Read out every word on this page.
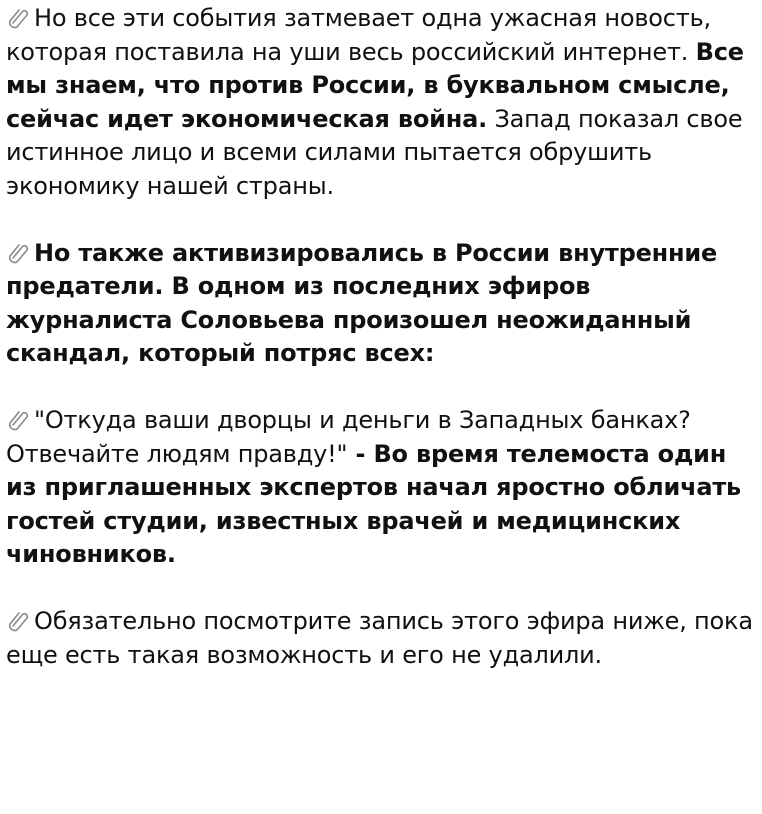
Но все эти события затмевает одна ужасная новость, которая поставила на уши весь российский интернет. Все мы знаем, что против России, в буквальном смысле, сейчас идет экономическая война. Запад показал свое истинное лицо и всеми силами пытается обрушить экономику нашей страны.

Но также активизировались в России внутренние предатели. В одном из последних эфиров журналиста Соловьева произошел неожиданный скандал, который потряс всех:

"Откуда ваши дворцы и деньги в Западных банках? Отвечайте людям правду!" - Во время телемоста один из приглашенных экспертов начал яростно обличать гостей студии, известных врачей и медицинских чиновников.

Обязательно посмотрите запись этого эфира ниже, пока еще есть такая возможность и его не удалили.
